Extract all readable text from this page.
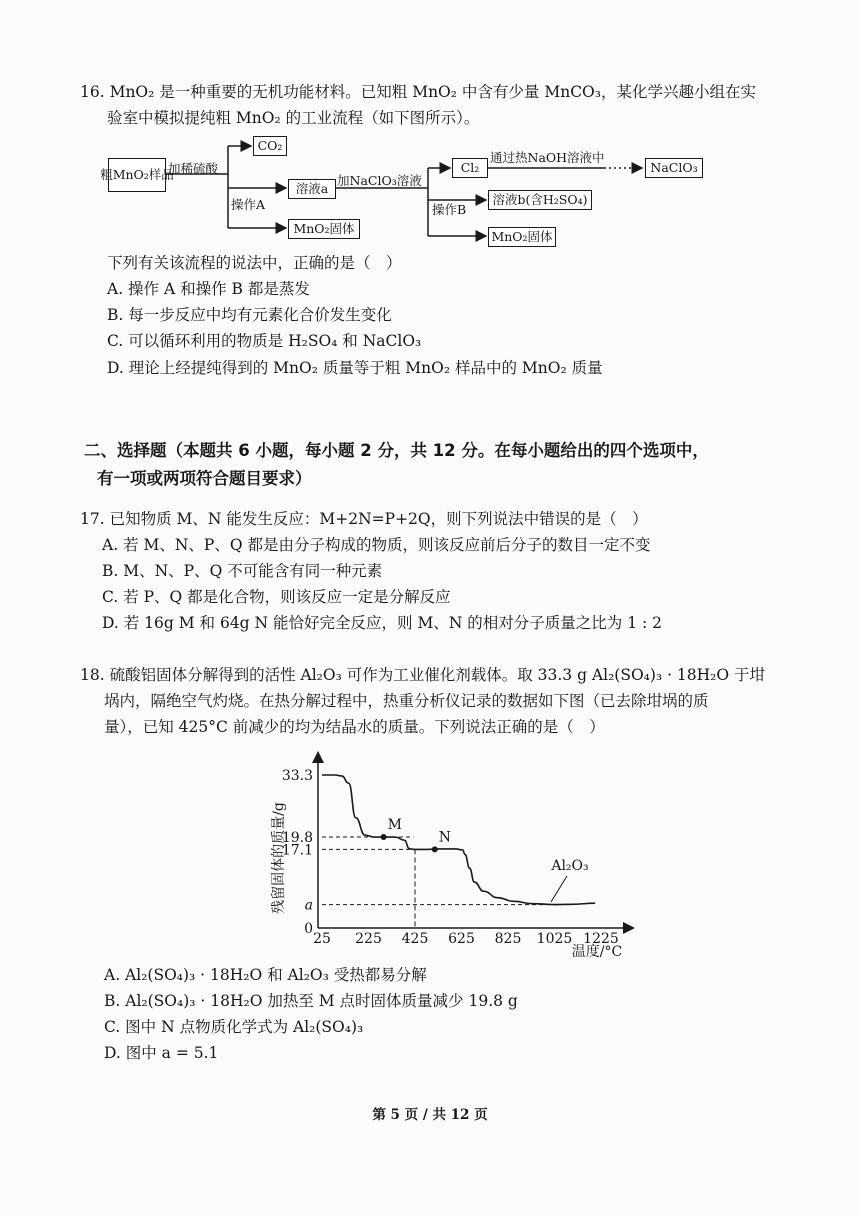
16. MnO₂ 是一种重要的无机功能材料。已知粗 MnO₂ 中含有少量 MnCO₃，某化学兴趣小组在实
验室中模拟提纯粗 MnO₂ 的工业流程（如下图所示）。
粗MnO₂样品
加稀硫酸
CO₂
操作A
溶液a
加NaClO₃溶液
MnO₂固体
Cl₂
通过热NaOH溶液中
NaClO₃
操作B
溶液b(含H₂SO₄)
MnO₂固体
下列有关该流程的说法中，正确的是（　）
A. 操作 A 和操作 B 都是蒸发
B. 每一步反应中均有元素化合价发生变化
C. 可以循环利用的物质是 H₂SO₄ 和 NaClO₃
D. 理论上经提纯得到的 MnO₂ 质量等于粗 MnO₂ 样品中的 MnO₂ 质量
二、选择题（本题共 6 小题，每小题 2 分，共 12 分。在每小题给出的四个选项中，
有一项或两项符合题目要求）
17. 已知物质 M、N 能发生反应：M+2N=P+2Q，则下列说法中错误的是（　）
A. 若 M、N、P、Q 都是由分子构成的物质，则该反应前后分子的数目一定不变
B. M、N、P、Q 不可能含有同一种元素
C. 若 P、Q 都是化合物，则该反应一定是分解反应
D. 若 16g M 和 64g N 能恰好完全反应，则 M、N 的相对分子质量之比为 1 : 2
18. 硫酸铝固体分解得到的活性 Al₂O₃ 可作为工业催化剂载体。取 33.3 g Al₂(SO₄)₃ · 18H₂O 于坩
埚内，隔绝空气灼烧。在热分解过程中，热重分析仪记录的数据如下图（已去除坩埚的质
量），已知 425°C 前减少的均为结晶水的质量。下列说法正确的是（　）
残留固体的质量/g
温度/°C
Al₂O₃
25 225 425 625 825 1025 1225
0
a
17.1
19.8
33.3
M
N
A. Al₂(SO₄)₃ · 18H₂O 和 Al₂O₃ 受热都易分解
B. Al₂(SO₄)₃ · 18H₂O 加热至 M 点时固体质量减少 19.8 g
C. 图中 N 点物质化学式为 Al₂(SO₄)₃
D. 图中 a = 5.1
第 5 页 / 共 12 页
